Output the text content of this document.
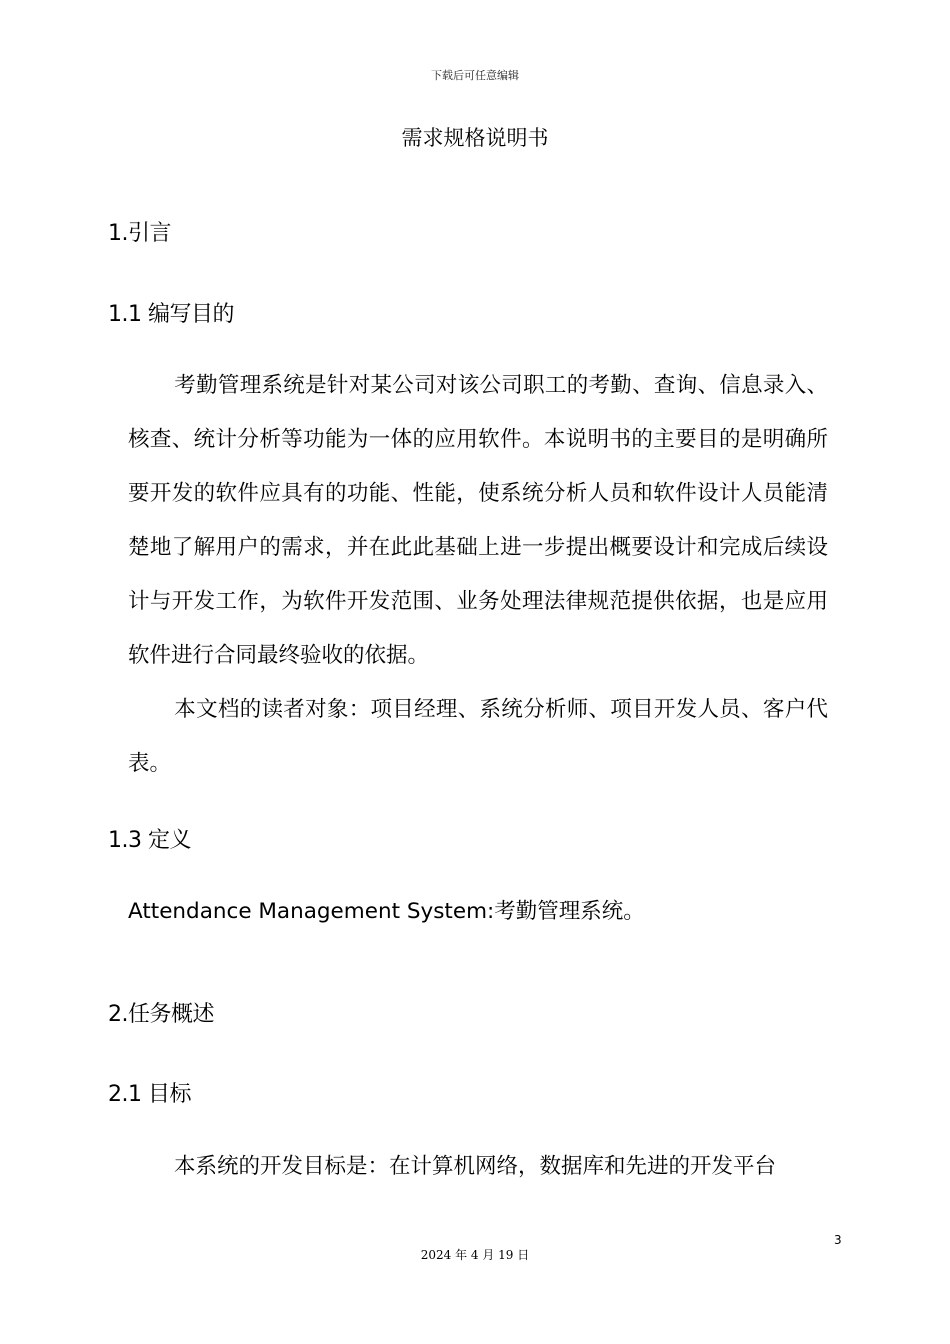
下载后可任意编辑
需求规格说明书
1.引言
1.1 编写目的
考勤管理系统是针对某公司对该公司职工的考勤、查询、信息录入、核查、统计分析等功能为一体的应用软件。本说明书的主要目的是明确所要开发的软件应具有的功能、性能，使系统分析人员和软件设计人员能清楚地了解用户的需求，并在此此基础上进一步提出概要设计和完成后续设计与开发工作，为软件开发范围、业务处理法律规范提供依据，也是应用软件进行合同最终验收的依据。
本文档的读者对象：项目经理、系统分析师、项目开发人员、客户代表。
1.3 定义
Attendance Management System:考勤管理系统。
2.任务概述
2.1 目标
本系统的开发目标是：在计算机网络，数据库和先进的开发平台
3
2024 年 4 月 19 日
